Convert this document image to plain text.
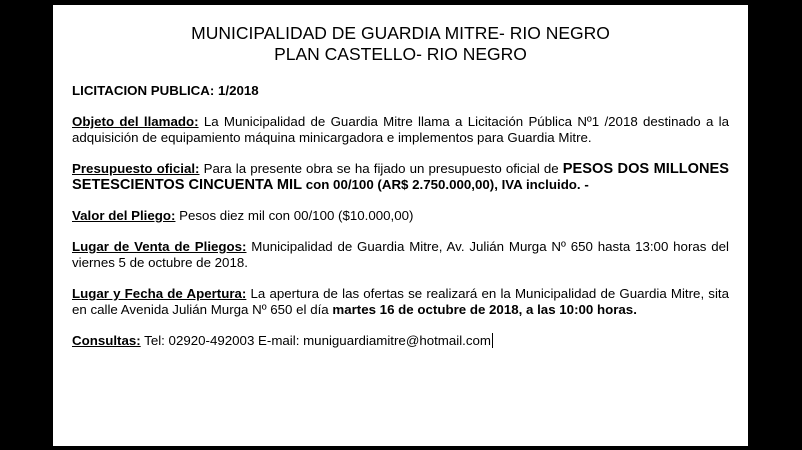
MUNICIPALIDAD DE GUARDIA MITRE- RIO NEGRO
PLAN CASTELLO- RIO NEGRO
LICITACION PUBLICA: 1/2018
Objeto del llamado: La Municipalidad de Guardia Mitre llama a Licitación Pública Nº1 /2018 destinado a la adquisición de equipamiento máquina minicargadora e implementos para Guardia Mitre.
Presupuesto oficial: Para la presente obra se ha fijado un presupuesto oficial de PESOS DOS MILLONES SETESCIENTOS CINCUENTA MIL con 00/100 (AR$ 2.750.000,00), IVA incluido. -
Valor del Pliego: Pesos diez mil con 00/100 ($10.000,00)
Lugar de Venta de Pliegos: Municipalidad de Guardia Mitre, Av. Julián Murga Nº 650 hasta 13:00 horas del viernes 5 de octubre de 2018.
Lugar y Fecha de Apertura: La apertura de las ofertas se realizará en la Municipalidad de Guardia Mitre, sita en calle Avenida Julián Murga Nº 650 el día martes 16 de octubre de 2018, a las 10:00 horas.
Consultas: Tel: 02920-492003 E-mail: muniguardiamitre@hotmail.com
